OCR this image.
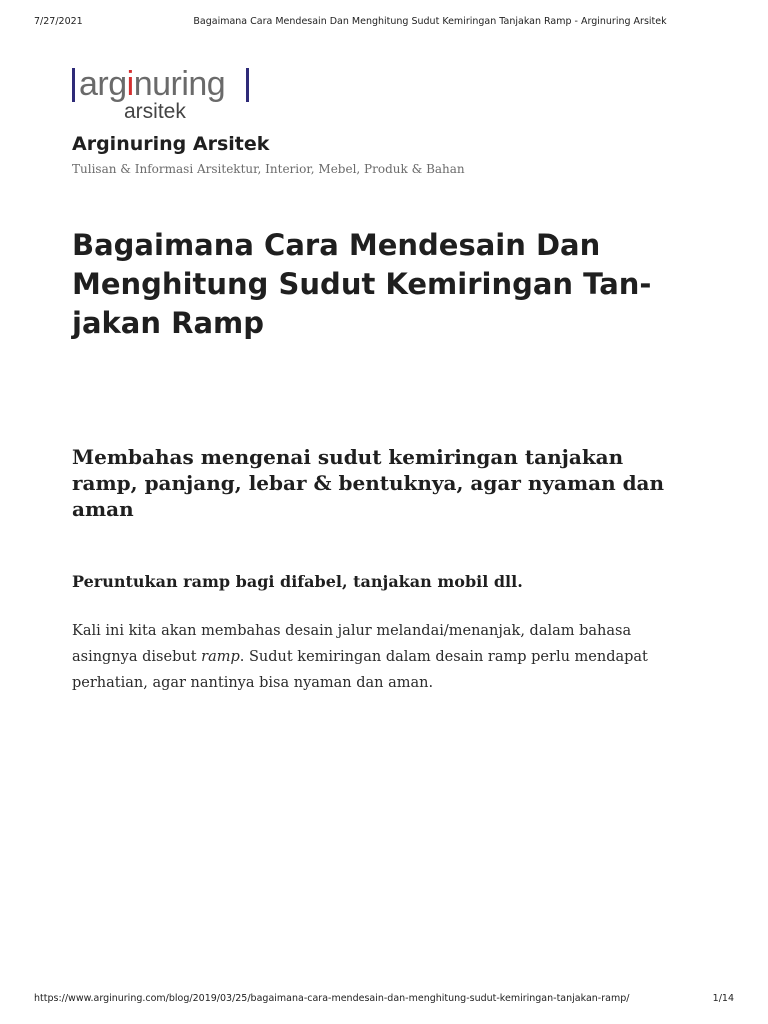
7/27/2021	Bagaimana Cara Mendesain Dan Menghitung Sudut Kemiringan Tanjakan Ramp - Arginuring Arsitek
arginuring
arsitek
Arginuring Arsitek
Tulisan & Informasi Arsitektur, Interior, Mebel, Produk & Bahan
Bagaimana Cara Mendesain Dan
Menghitung Sudut Kemiringan Tan-
jakan Ramp
Membahas mengenai sudut kemiringan tanjakan
ramp, panjang, lebar & bentuknya, agar nyaman dan
aman
Peruntukan ramp bagi difabel, tanjakan mobil dll.

Kali ini kita akan membahas desain jalur melandai/menanjak, dalam bahasa
asingnya disebut ramp. Sudut kemiringan dalam desain ramp perlu mendapat
perhatian, agar nantinya bisa nyaman dan aman.

https://www.arginuring.com/blog/2019/03/25/bagaimana-cara-mendesain-dan-menghitung-sudut-kemiringan-tanjakan-ramp/	1/14
